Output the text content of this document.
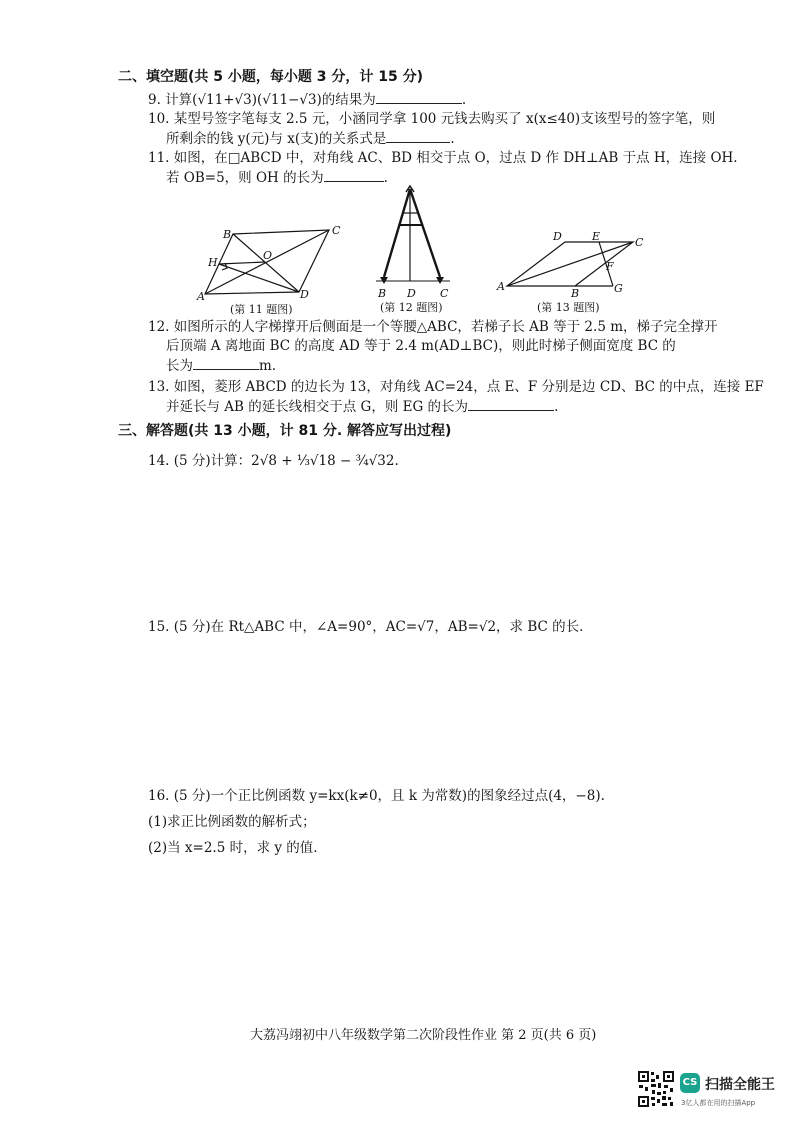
二、填空题(共 5 小题，每小题 3 分，计 15 分)
9. 计算(√11+√3)(√11−√3)的结果为	.
10. 某型号签字笔每支 2.5 元，小涵同学拿 100 元钱去购买了 x(x≤40)支该型号的签字笔，则
所剩余的钱 y(元)与 x(支)的关系式是	.
11. 如图，在□ABCD 中，对角线 AC、BD 相交于点 O，过点 D 作 DH⊥AB 于点 H，连接 OH.
若 OB=5，则 OH 的长为	.
B	C
D
A
H
O
(第 11 题图)
B D C
(第 12 题图)
A
D	E	C
F
B	G
(第 13 题图)
12. 如图所示的人字梯撑开后侧面是一个等腰△ABC，若梯子长 AB 等于 2.5 m，梯子完全撑开
后顶端 A 离地面 BC 的高度 AD 等于 2.4 m(AD⊥BC)，则此时梯子侧面宽度 BC 的
长为	m.
13. 如图，菱形 ABCD 的边长为 13，对角线 AC=24，点 E、F 分别是边 CD、BC 的中点，连接 EF
并延长与 AB 的延长线相交于点 G，则 EG 的长为	.
三、解答题(共 13 小题，计 81 分. 解答应写出过程)
14. (5 分)计算：2√8 + ⅓√18 − ¾√32.
15. (5 分)在 Rt△ABC 中，∠A=90°，AC=√7，AB=√2，求 BC 的长.
16. (5 分)一个正比例函数 y=kx(k≠0，且 k 为常数)的图象经过点(4，−8).
(1)求正比例函数的解析式；
(2)当 x=2.5 时，求 y 的值.
大荔冯翊初中八年级数学第二次阶段性作业 第 2 页(共 6 页)
CS 扫描全能王
3亿人都在用的扫描App
